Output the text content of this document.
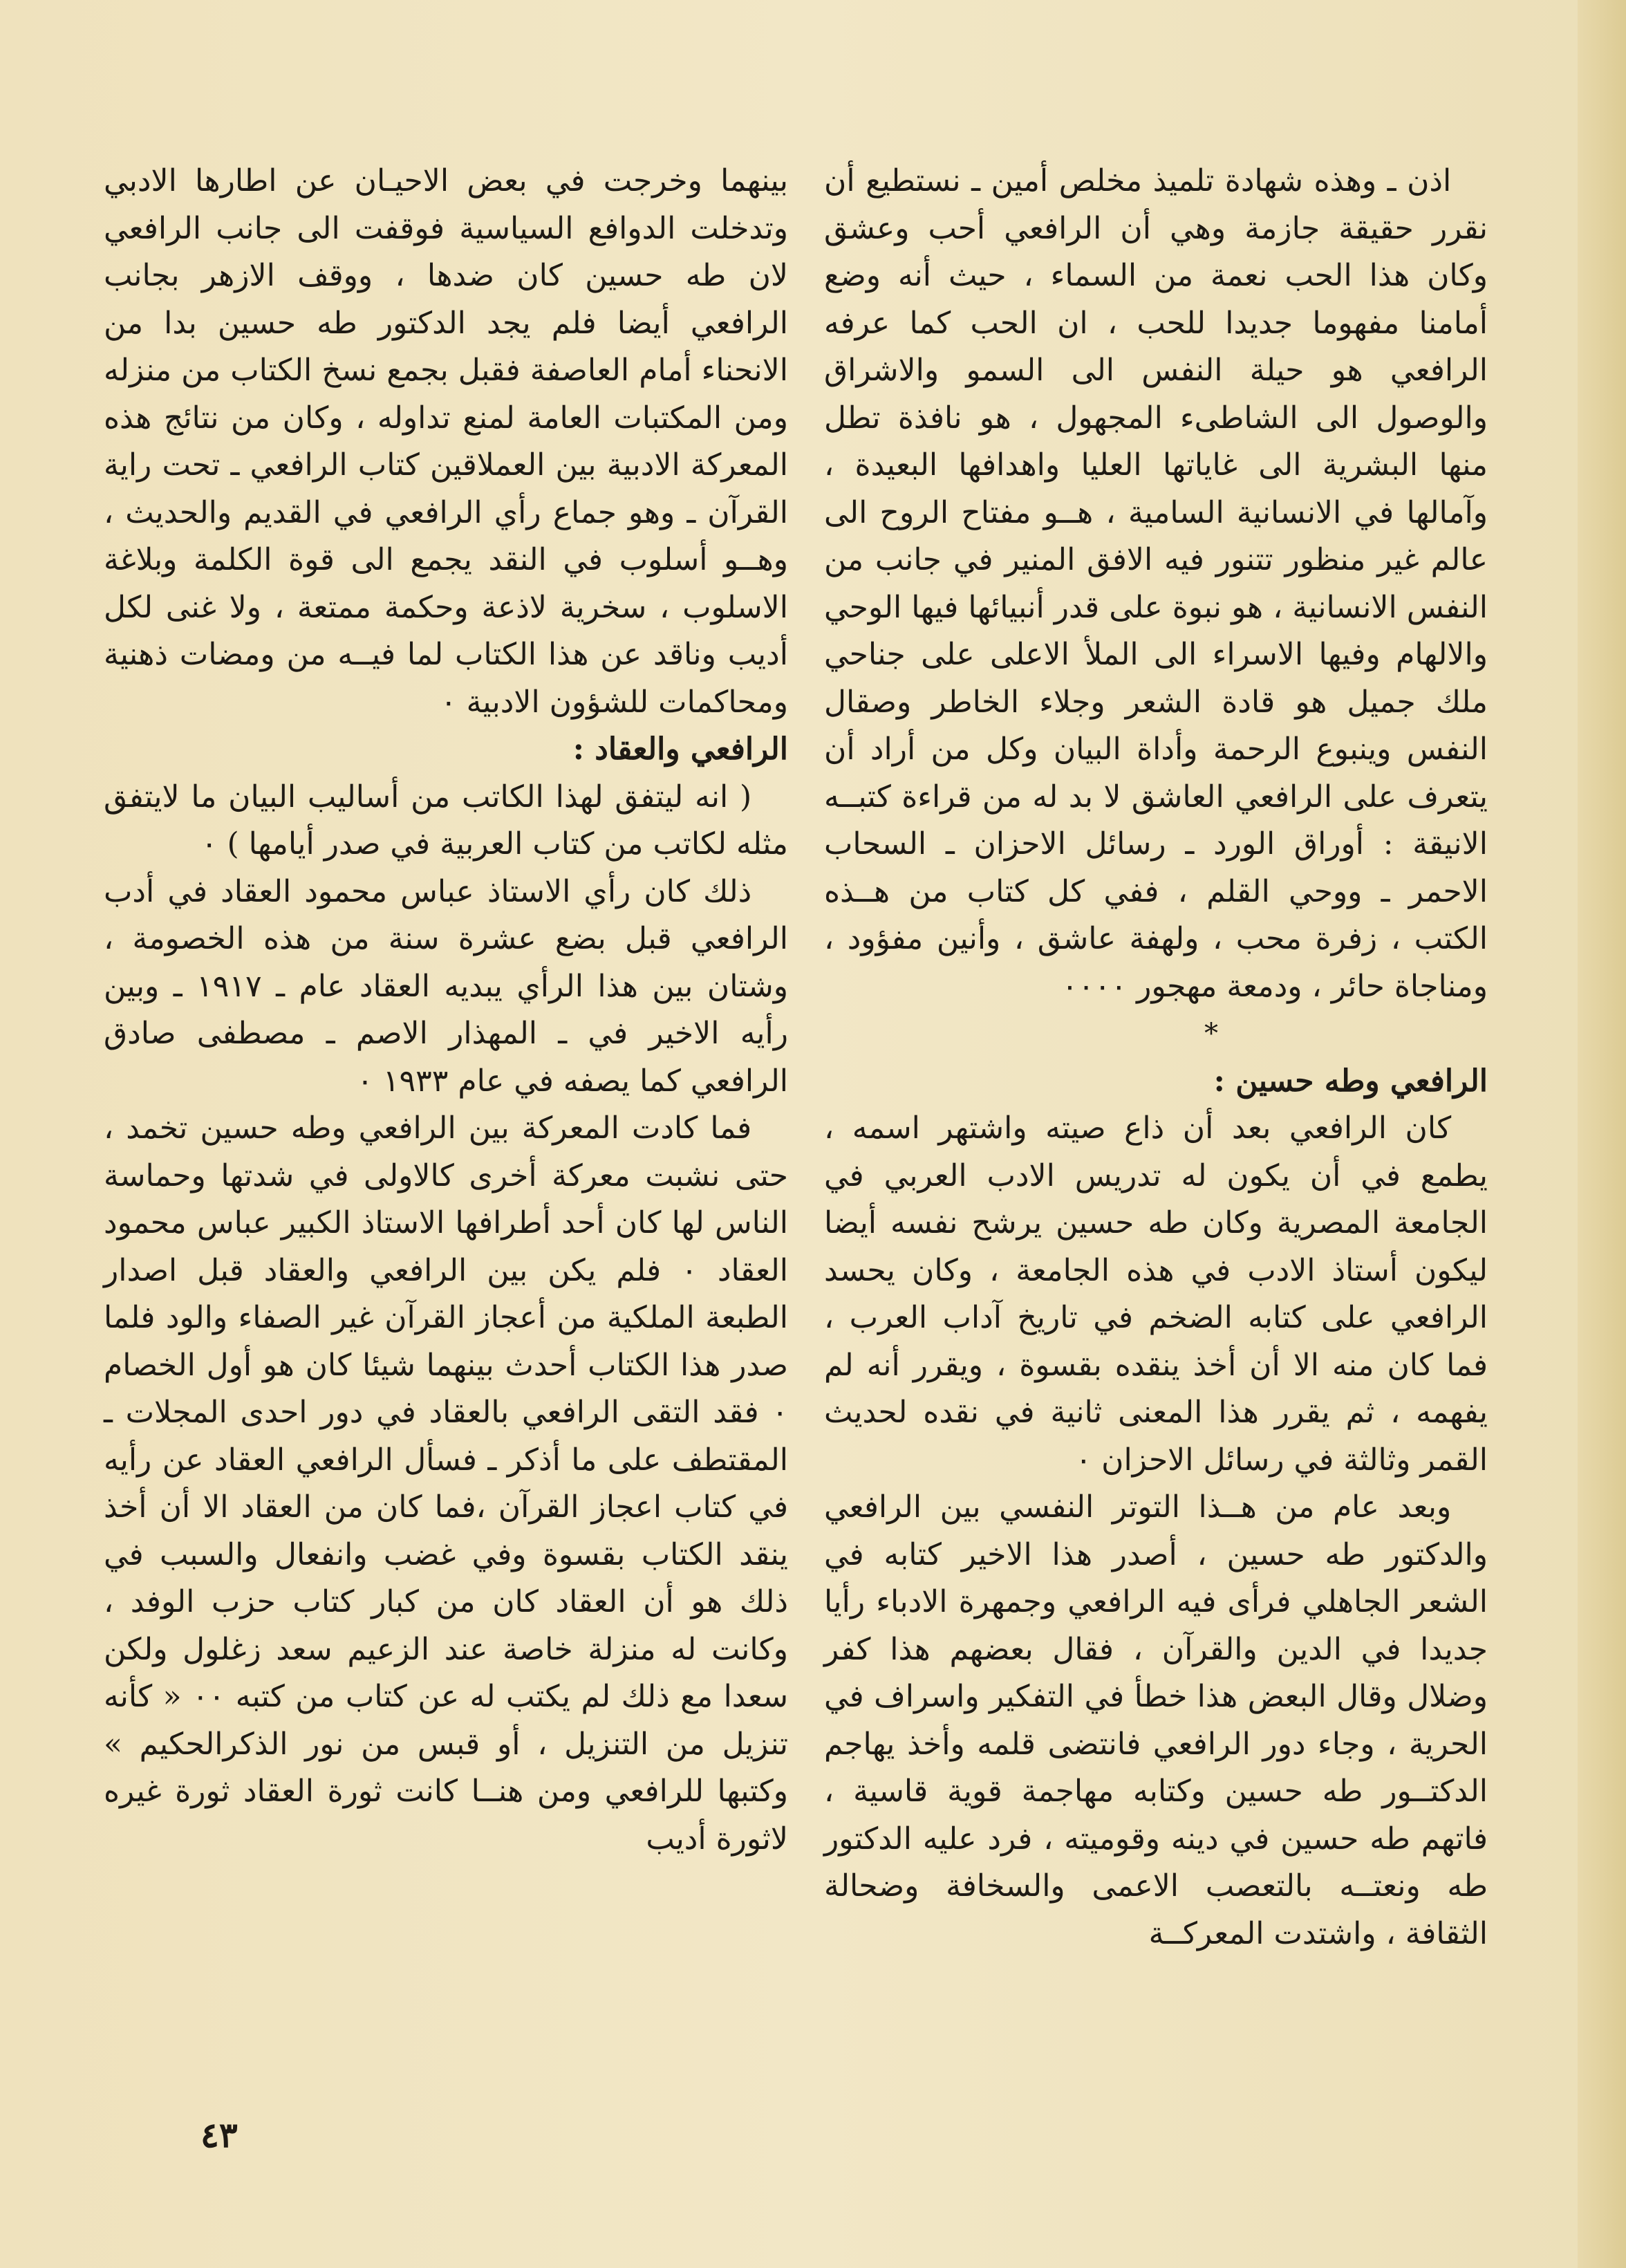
اذن ـ وهذه شهادة تلميذ مخلص أمين ـ نستطيع أن نقرر حقيقة جازمة وهي أن الرافعي أحب وعشق وكان هذا الحب نعمة من السماء ، حيث أنه وضع أمامنا مفهوما جديدا للحب ، ان الحب كما عرفه الرافعي هو حيلة النفس الى السمو والاشراق والوصول الى الشاطىء المجهول ، هو نافذة تطل منها البشرية الى غاياتها العليا واهدافها البعيدة ، وآمالها في الانسانية السامية ، هــو مفتاح الروح الى عالم غير منظور تتنور فيه الافق المنير في جانب من النفس الانسانية ، هو نبوة على قدر أنبيائها فيها الوحي والالهام وفيها الاسراء الى الملأ الاعلى على جناحي ملك جميل هو قادة الشعر وجلاء الخاطر وصقال النفس وينبوع الرحمة وأداة البيان وكل من أراد أن يتعرف على الرافعي العاشق لا بد له من قراءة كتبــه الانيقة : أوراق الورد ـ رسائل الاحزان ـ السحاب الاحمر ـ ووحي القلم ، ففي كل كتاب من هــذه الكتب ، زفرة محب ، ولهفة عاشق ، وأنين مفؤود ، ومناجاة حائر ، ودمعة مهجور ٠٠٠٠

*
الرافعي وطه حسين :

كان الرافعي بعد أن ذاع صيته واشتهر اسمه ، يطمع في أن يكون له تدريس الادب العربي في الجامعة المصرية وكان طه حسين يرشح نفسه أيضا ليكون أستاذ الادب في هذه الجامعة ، وكان يحسد الرافعي على كتابه الضخم في تاريخ آداب العرب ، فما كان منه الا أن أخذ ينقده بقسوة ، ويقرر أنه لم يفهمه ، ثم يقرر هذا المعنى ثانية في نقده لحديث القمر وثالثة في رسائل الاحزان ٠

وبعد عام من هــذا التوتر النفسي بين الرافعي والدكتور طه حسين ، أصدر هذا الاخير كتابه في الشعر الجاهلي فرأى فيه الرافعي وجمهرة الادباء رأيا جديدا في الدين والقرآن ، فقال بعضهم هذا كفر وضلال وقال البعض هذا خطأ في التفكير واسراف في الحرية ، وجاء دور الرافعي فانتضى قلمه وأخذ يهاجم الدكتــور طه حسين وكتابه مهاجمة قوية قاسية ، فاتهم طه حسين في دينه وقوميته ، فرد عليه الدكتور طه ونعتــه بالتعصب الاعمى والسخافة وضحالة الثقافة ، واشتدت المعركــة

بينهما وخرجت في بعض الاحيـان عن اطارها الادبي وتدخلت الدوافع السياسية فوقفت الى جانب الرافعي لان طه حسين كان ضدها ، ووقف الازهر بجانب الرافعي أيضا فلم يجد الدكتور طه حسين بدا من الانحناء أمام العاصفة فقبل بجمع نسخ الكتاب من منزله ومن المكتبات العامة لمنع تداوله ، وكان من نتائج هذه المعركة الادبية بين العملاقين كتاب الرافعي ـ تحت راية القرآن ـ وهو جماع رأي الرافعي في القديم والحديث ، وهــو أسلوب في النقد يجمع الى قوة الكلمة وبلاغة الاسلوب ، سخرية لاذعة وحكمة ممتعة ، ولا غنى لكل أديب وناقد عن هذا الكتاب لما فيــه من ومضات ذهنية ومحاكمات للشؤون الادبية ٠

الرافعي والعقاد :

( انه ليتفق لهذا الكاتب من أساليب البيان ما لايتفق مثله لكاتب من كتاب العربية في صدر أيامها ) ٠

ذلك كان رأي الاستاذ عباس محمود العقاد في أدب الرافعي قبل بضع عشرة سنة من هذه الخصومة ، وشتان بين هذا الرأي يبديه العقاد عام ـ ١٩١٧ ـ وبين رأيه الاخير في ـ المهذار الاصم ـ مصطفى صادق الرافعي كما يصفه في عام ١٩٣٣ ٠

فما كادت المعركة بين الرافعي وطه حسين تخمد ، حتى نشبت معركة أخرى كالاولى في شدتها وحماسة الناس لها كان أحد أطرافها الاستاذ الكبير عباس محمود العقاد ٠ فلم يكن بين الرافعي والعقاد قبل اصدار الطبعة الملكية من أعجاز القرآن غير الصفاء والود فلما صدر هذا الكتاب أحدث بينهما شيئا كان هو أول الخصام ٠ فقد التقى الرافعي بالعقاد في دور احدى المجلات ـ المقتطف على ما أذكر ـ فسأل الرافعي العقاد عن رأيه في كتاب اعجاز القرآن ،فما كان من العقاد الا أن أخذ ينقد الكتاب بقسوة وفي غضب وانفعال والسبب في ذلك هو أن العقاد كان من كبار كتاب حزب الوفد ، وكانت له منزلة خاصة عند الزعيم سعد زغلول ولكن سعدا مع ذلك لم يكتب له عن كتاب من كتبه ٠٠ « كأنه تنزيل من التنزيل ، أو قبس من نور الذكرالحكيم » وكتبها للرافعي ومن هنــا كانت ثورة العقاد ثورة غيره لاثورة أديب

٤٣
